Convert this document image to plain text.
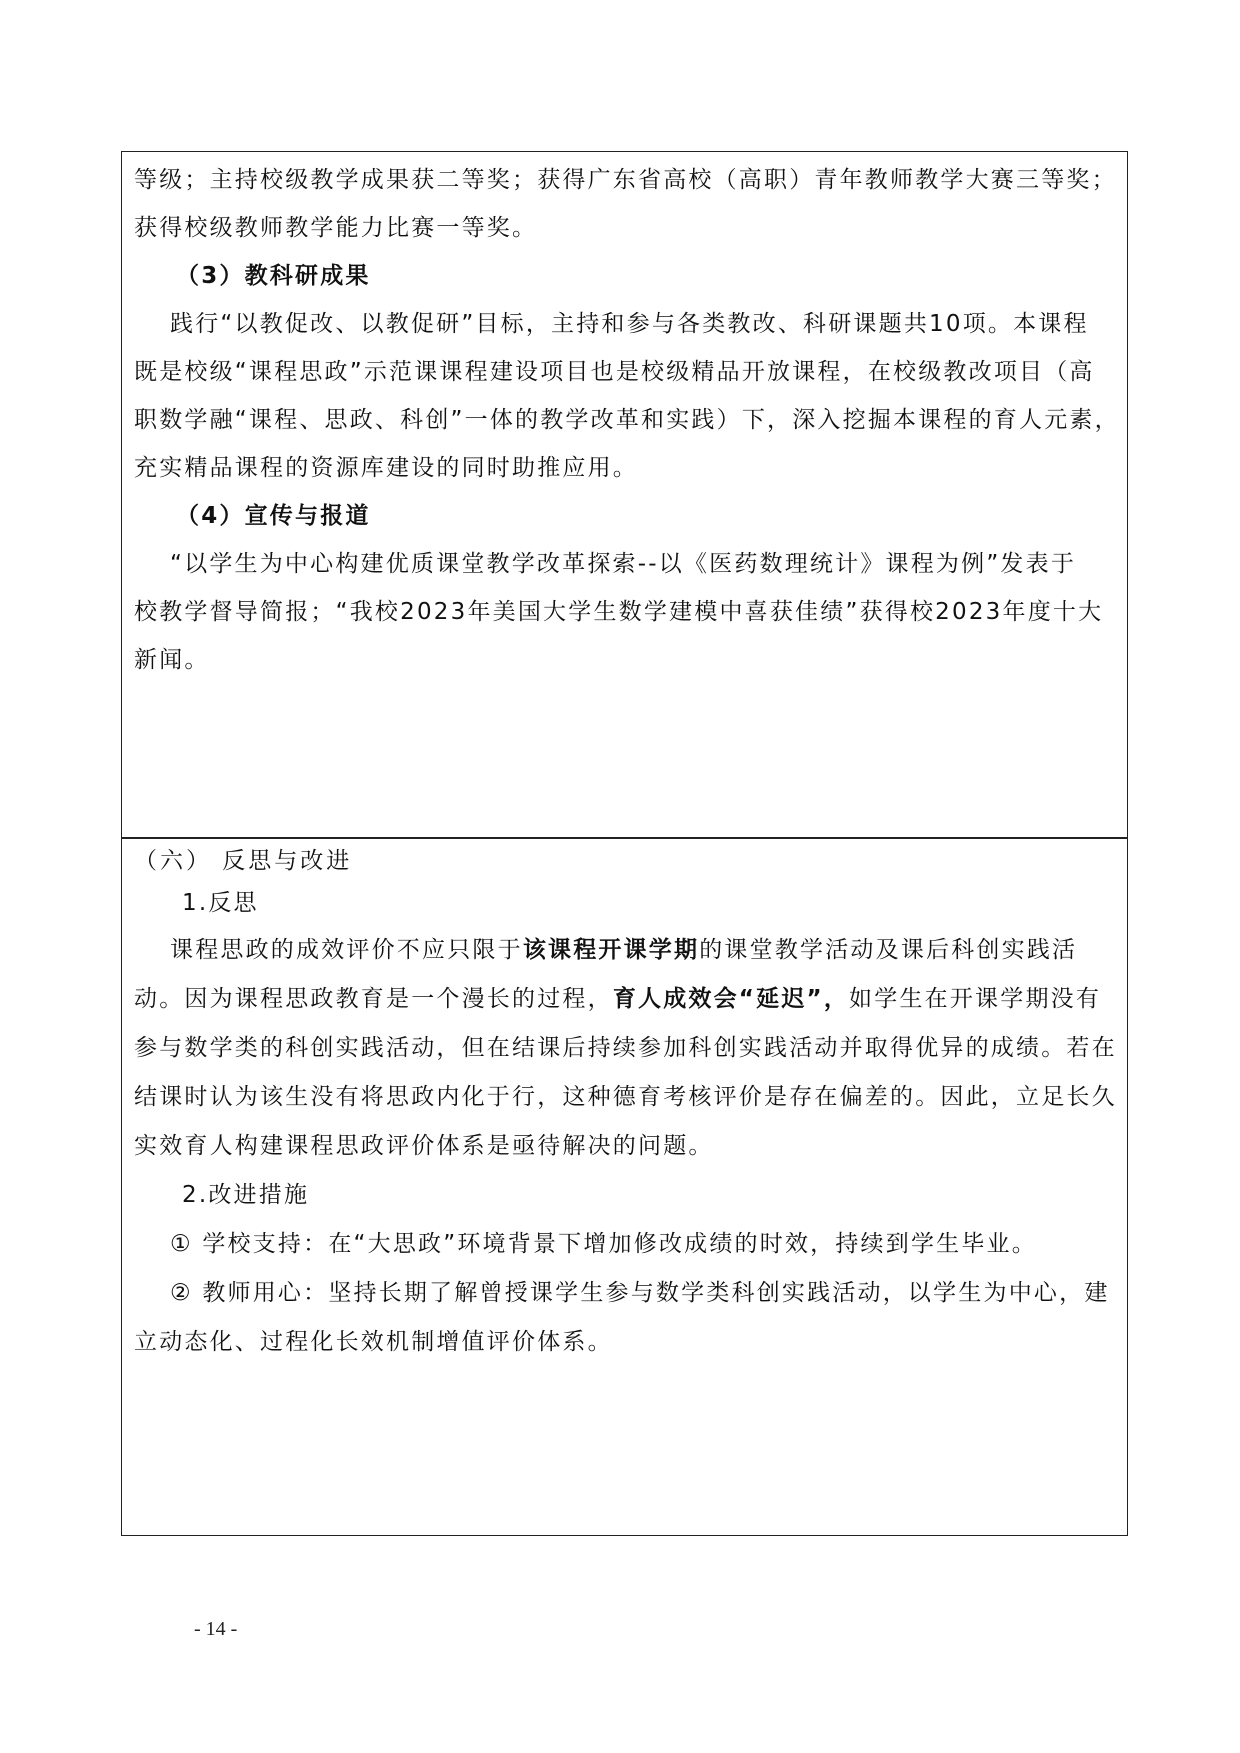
等级；主持校级教学成果获二等奖；获得广东省高校（高职）青年教师教学大赛三等奖；
获得校级教师教学能力比赛一等奖。
（3）教科研成果
践行“以教促改、以教促研”目标，主持和参与各类教改、科研课题共10项。本课程
既是校级“课程思政”示范课课程建设项目也是校级精品开放课程，在校级教改项目（高
职数学融“课程、思政、科创”一体的教学改革和实践）下，深入挖掘本课程的育人元素，
充实精品课程的资源库建设的同时助推应用。
（4）宣传与报道
“以学生为中心构建优质课堂教学改革探索--以《医药数理统计》课程为例”发表于
校教学督导简报；“我校2023年美国大学生数学建模中喜获佳绩”获得校2023年度十大
新闻。
（六） 反思与改进
1.反思
课程思政的成效评价不应只限于该课程开课学期的课堂教学活动及课后科创实践活
动。因为课程思政教育是一个漫长的过程，育人成效会“延迟”，如学生在开课学期没有
参与数学类的科创实践活动，但在结课后持续参加科创实践活动并取得优异的成绩。若在
结课时认为该生没有将思政内化于行，这种德育考核评价是存在偏差的。因此，立足长久
实效育人构建课程思政评价体系是亟待解决的问题。
2.改进措施
① 学校支持：在“大思政”环境背景下增加修改成绩的时效，持续到学生毕业。
② 教师用心：坚持长期了解曾授课学生参与数学类科创实践活动，以学生为中心，建
立动态化、过程化长效机制增值评价体系。
- 14 -
